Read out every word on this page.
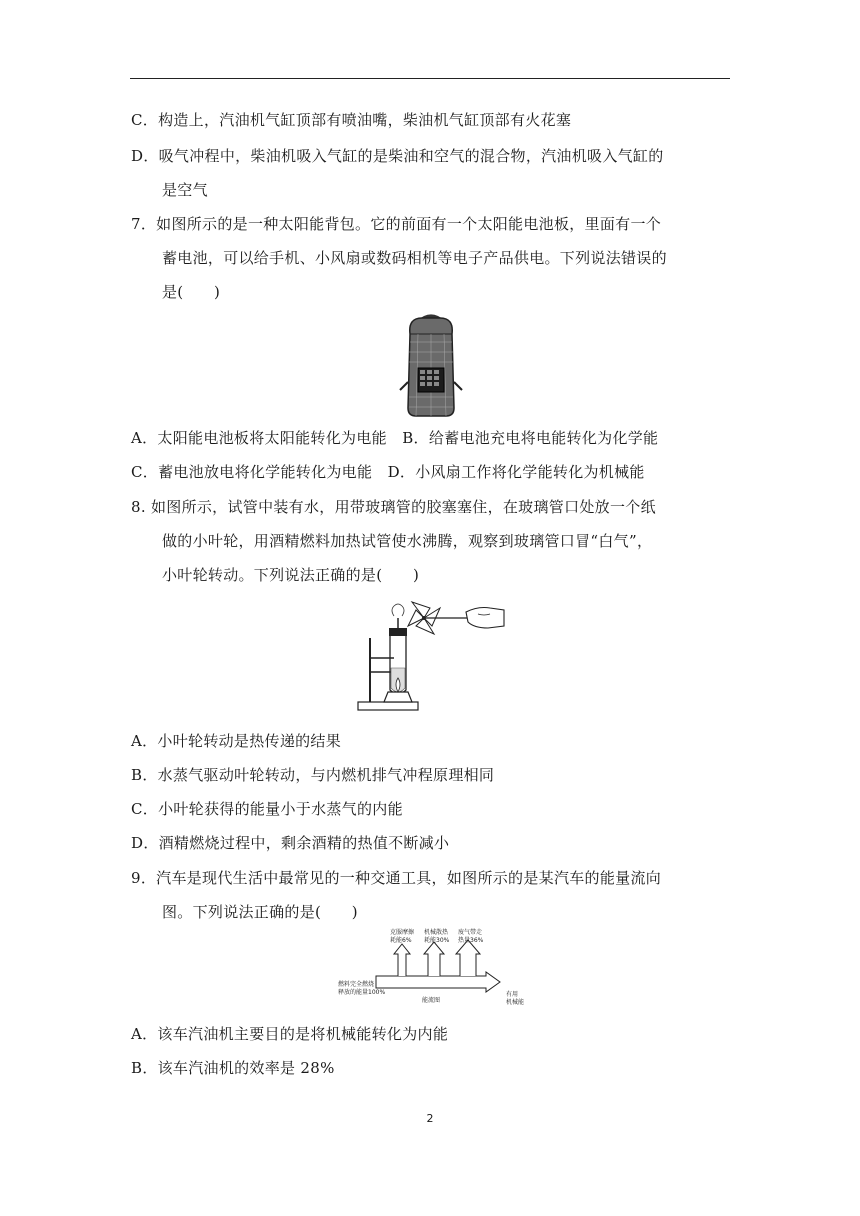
C．构造上，汽油机气缸顶部有喷油嘴，柴油机气缸顶部有火花塞
D．吸气冲程中，柴油机吸入气缸的是柴油和空气的混合物，汽油机吸入气缸的
是空气
7．如图所示的是一种太阳能背包。它的前面有一个太阳能电池板，里面有一个
蓄电池，可以给手机、小风扇或数码相机等电子产品供电。下列说法错误的
是(　　)
A．太阳能电池板将太阳能转化为电能　B．给蓄电池充电将电能转化为化学能
C．蓄电池放电将化学能转化为电能　D．小风扇工作将化学能转化为机械能
8. 如图所示，试管中装有水，用带玻璃管的胶塞塞住，在玻璃管口处放一个纸
做的小叶轮，用酒精燃料加热试管使水沸腾，观察到玻璃管口冒“白气”，
小叶轮转动。下列说法正确的是(　　)
A．小叶轮转动是热传递的结果
B．水蒸气驱动叶轮转动，与内燃机排气冲程原理相同
C．小叶轮获得的能量小于水蒸气的内能
D．酒精燃烧过程中，剩余酒精的热值不断减小
9．汽车是现代生活中最常见的一种交通工具，如图所示的是某汽车的能量流向
图。下列说法正确的是(　　)
克服摩擦
耗能6%
机械散热
耗能30%
废气带走
热量36%
燃料完全燃烧
释放的能量100%
能流图
有用
机械能
A．该车汽油机主要目的是将机械能转化为内能
B．该车汽油机的效率是 28%
2
